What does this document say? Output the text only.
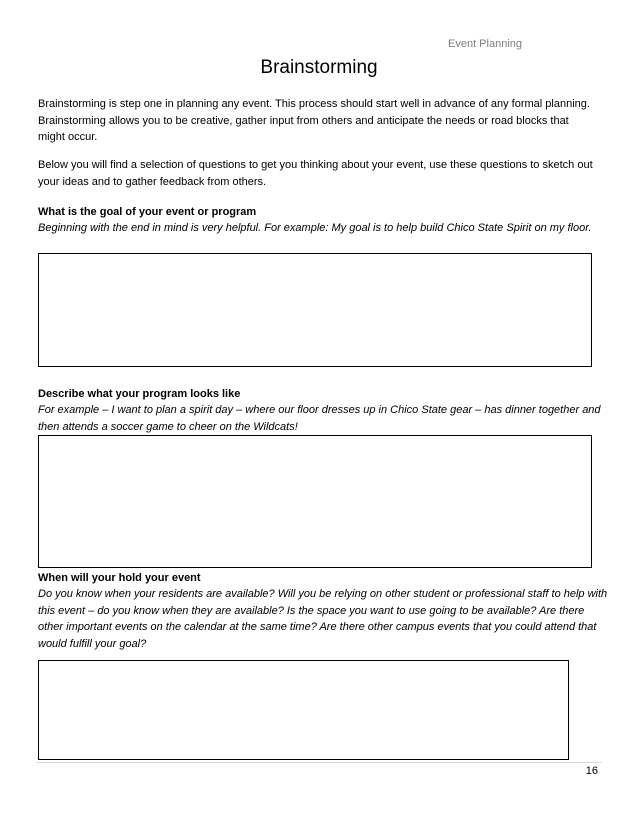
Event Planning
Brainstorming

Brainstorming is step one in planning any event. This process should start well in advance of any formal planning. Brainstorming allows you to be creative, gather input from others and anticipate the needs or road blocks that might occur.

Below you will find a selection of questions to get you thinking about your event, use these questions to sketch out your ideas and to gather feedback from others.

What is the goal of your event or program

Beginning with the end in mind is very helpful. For example: My goal is to help build Chico State Spirit on my floor.

Describe what your program looks like

For example – I want to plan a spirit day – where our floor dresses up in Chico State gear – has dinner together and then attends a soccer game to cheer on the Wildcats!

When will your hold your event

Do you know when your residents are available? Will you be relying on other student or professional staff to help with this event – do you know when they are available? Is the space you want to use going to be available? Are there other important events on the calendar at the same time? Are there other campus events that you could attend that would fulfill your goal?

16
